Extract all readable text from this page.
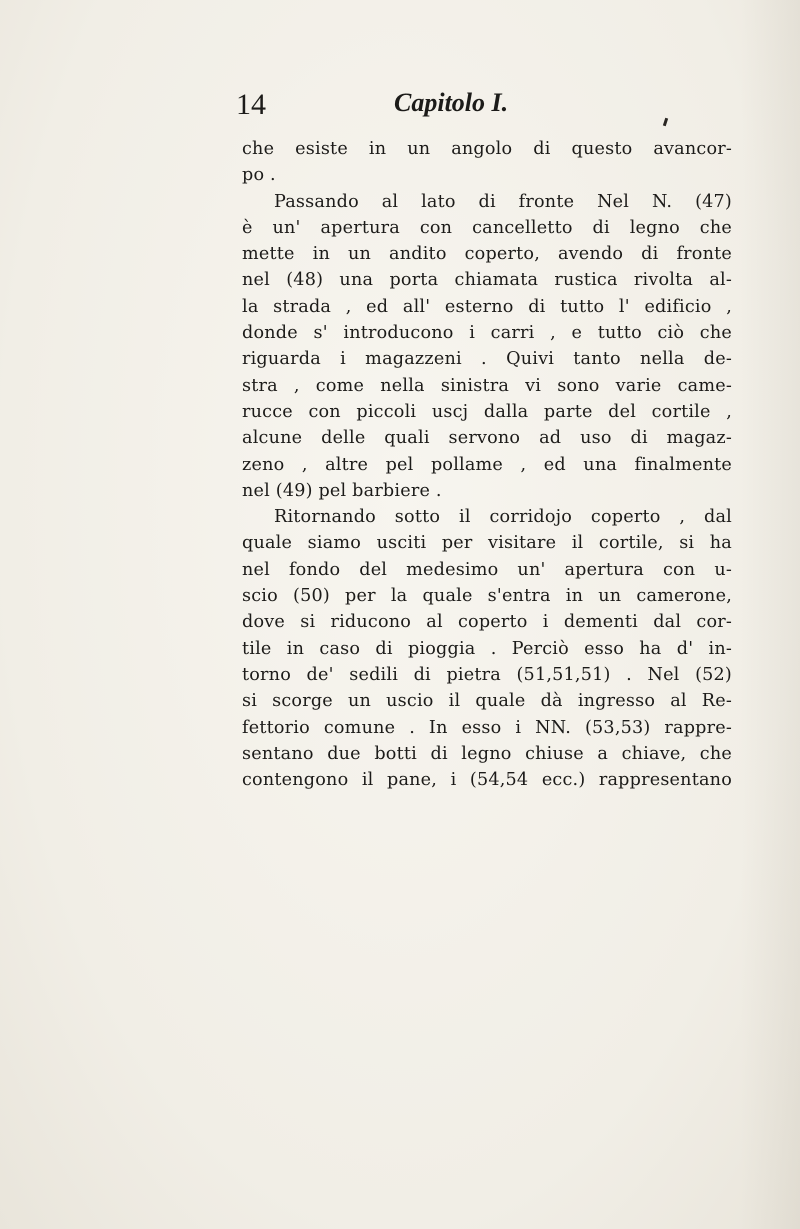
14	Capitolo I.
che esiste in un angolo di questo avancor-
po .
Passando al lato di fronte Nel N. (47)
è un' apertura con cancelletto di legno che
mette in un andito coperto, avendo di fronte
nel (48) una porta chiamata rustica rivolta al-
la strada , ed all' esterno di tutto l' edificio ,
donde s' introducono i carri , e tutto ciò che
riguarda i magazzeni . Quivi tanto nella de-
stra , come nella sinistra vi sono varie came-
rucce con piccoli uscj dalla parte del cortile ,
alcune delle quali servono ad uso di magaz-
zeno , altre pel pollame , ed una finalmente
nel (49) pel barbiere .
Ritornando sotto il corridojo coperto , dal
quale siamo usciti per visitare il cortile, si ha
nel fondo del medesimo un' apertura con u-
scio (50) per la quale s'entra in un camerone,
dove si riducono al coperto i dementi dal cor-
tile in caso di pioggia . Perciò esso ha d' in-
torno de' sedili di pietra (51,51,51) . Nel (52)
si scorge un uscio il quale dà ingresso al Re-
fettorio comune . In esso i NN. (53,53) rappre-
sentano due botti di legno chiuse a chiave, che
contengono il pane, i (54,54 ecc.) rappresentano
